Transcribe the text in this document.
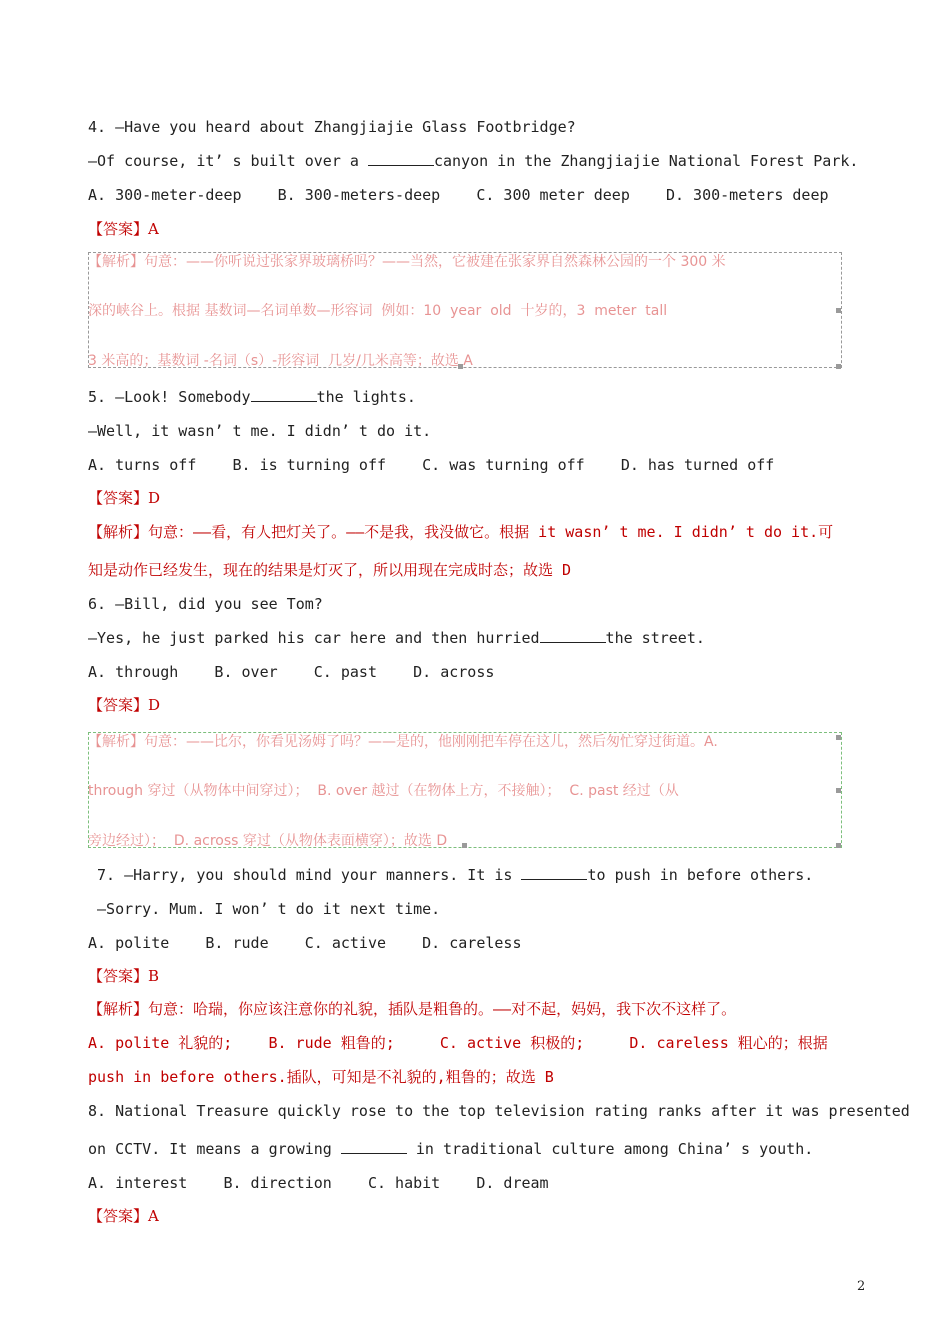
4. —Have you heard about Zhangjiajie Glass Footbridge?
—Of course, it’ s built over a	canyon in the Zhangjiajie National Forest Park.
A. 300-meter-deep    B. 300-meters-deep    C. 300 meter deep    D. 300-meters deep
【答案】A
【解析】句意：——你听说过张家界玻璃桥吗？——当然，它被建在张家界自然森林公园的一个 300 米
深的峡谷上。根据 基数词—名词单数—形容词  例如：10  year  old  十岁的，3  meter  tall
3 米高的；基数词 -名词（s）-形容词  几岁/几米高等；故选 A
5. —Look! Somebody	the lights.
—Well, it wasn’ t me. I didn’ t do it.
A. turns off    B. is turning off    C. was turning off    D. has turned off
【答案】D
【解析】句意：——看，有人把灯关了。——不是我，我没做它。根据 it wasn’ t me. I didn’ t do it.可
知是动作已经发生，现在的结果是灯灭了，所以用现在完成时态；故选 D
6. —Bill, did you see Tom?
—Yes, he just parked his car here and then hurried	the street.
A. through    B. over    C. past    D. across
【答案】D
【解析】句意：——比尔，你看见汤姆了吗？——是的，他刚刚把车停在这儿，然后匆忙穿过街道。A.
through 穿过（从物体中间穿过）；  B. over 越过（在物体上方，不接触）；  C. past 经过（从
旁边经过）；  D. across 穿过（从物体表面横穿）；故选 D
7. —Harry, you should mind your manners. It is	to push in before others.
—Sorry. Mum. I won’ t do it next time.
A. polite    B. rude    C. active    D. careless
【答案】B
【解析】句意：哈瑞，你应该注意你的礼貌，插队是粗鲁的。——对不起，妈妈，我下次不这样了。
A. polite 礼貌的;    B. rude 粗鲁的;     C. active 积极的;     D. careless 粗心的；根据
push in before others.插队，可知是不礼貌的,粗鲁的；故选 B
8. National Treasure quickly rose to the top television rating ranks after it was presented
on CCTV. It means a growing	in traditional culture among China’ s youth.
A. interest    B. direction    C. habit    D. dream
【答案】A
2
